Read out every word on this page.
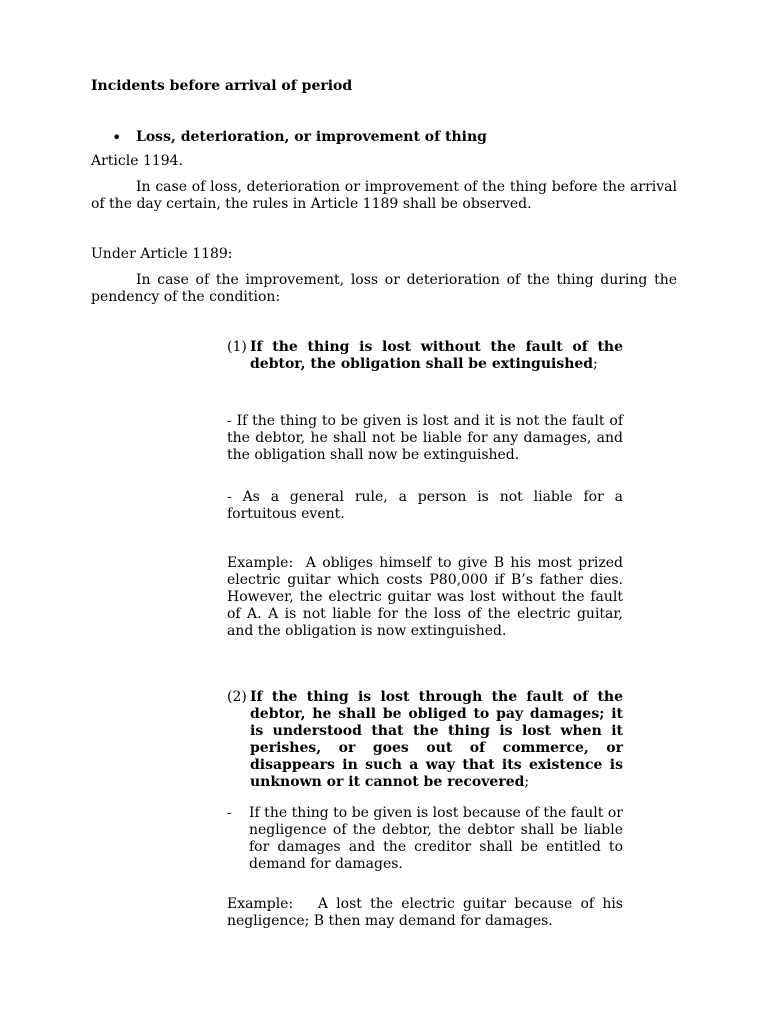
Incidents before arrival of period
• Loss, deterioration, or improvement of thing
Article 1194.
In case of loss, deterioration or improvement of the thing before the arrival of the day certain, the rules in Article 1189 shall be observed.
Under Article 1189:
In case of the improvement, loss or deterioration of the thing during the pendency of the condition:
(1) If the thing is lost without the fault of the debtor, the obligation shall be extinguished;
- If the thing to be given is lost and it is not the fault of the debtor, he shall not be liable for any damages, and the obligation shall now be extinguished.
- As a general rule, a person is not liable for a fortuitous event.
Example:  A obliges himself to give B his most prized electric guitar which costs P80,000 if B’s father dies. However, the electric guitar was lost without the fault of A. A is not liable for the loss of the electric guitar, and the obligation is now extinguished.
(2) If the thing is lost through the fault of the debtor, he shall be obliged to pay damages; it is understood that the thing is lost when it perishes, or goes out of commerce, or disappears in such a way that its existence is unknown or it cannot be recovered;
-	If the thing to be given is lost because of the fault or negligence of the debtor, the debtor shall be liable for damages and the creditor shall be entitled to demand for damages.
Example:   A lost the electric guitar because of his negligence; B then may demand for damages.
